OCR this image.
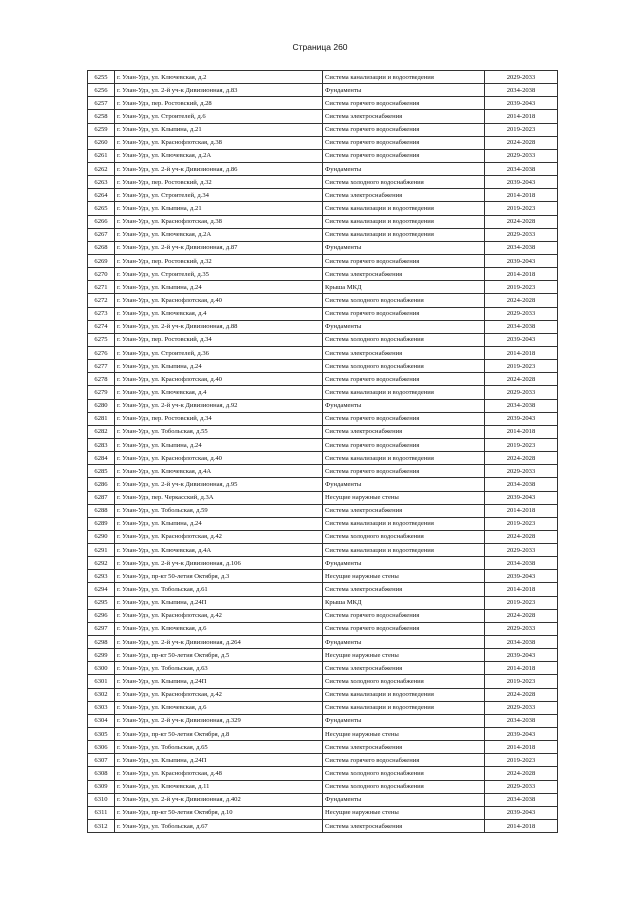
Страница 260
6255	г. Улан-Удэ, ул. Ключевская, д.2	Система канализации и водоотведения	2029-2033
6256	г. Улан-Удэ, ул. 2-й уч-к Дивизионная, д.83	Фундаменты	2034-2038
6257	г. Улан-Удэ, пер. Ростовский, д.28	Система горячего водоснабжения	2039-2043
6258	г. Улан-Удэ, ул. Строителей, д.6	Система электроснабжения	2014-2018
6259	г. Улан-Удэ, ул. Клыпина, д.21	Система горячего водоснабжения	2019-2023
6260	г. Улан-Удэ, ул. Краснофлотская, д.38	Система горячего водоснабжения	2024-2028
6261	г. Улан-Удэ, ул. Ключевская, д.2А	Система горячего водоснабжения	2029-2033
6262	г. Улан-Удэ, ул. 2-й уч-к Дивизионная, д.86	Фундаменты	2034-2038
6263	г. Улан-Удэ, пер. Ростовский, д.32	Система холодного водоснабжения	2039-2043
6264	г. Улан-Удэ, ул. Строителей, д.34	Система электроснабжения	2014-2018
6265	г. Улан-Удэ, ул. Клыпина, д.21	Система канализации и водоотведения	2019-2023
6266	г. Улан-Удэ, ул. Краснофлотская, д.38	Система канализации и водоотведения	2024-2028
6267	г. Улан-Удэ, ул. Ключевская, д.2А	Система канализации и водоотведения	2029-2033
6268	г. Улан-Удэ, ул. 2-й уч-к Дивизионная, д.87	Фундаменты	2034-2038
6269	г. Улан-Удэ, пер. Ростовский, д.32	Система горячего водоснабжения	2039-2043
6270	г. Улан-Удэ, ул. Строителей, д.35	Система электроснабжения	2014-2018
6271	г. Улан-Удэ, ул. Клыпина, д.24	Крыша МКД	2019-2023
6272	г. Улан-Удэ, ул. Краснофлотская, д.40	Система холодного водоснабжения	2024-2028
6273	г. Улан-Удэ, ул. Ключевская, д.4	Система горячего водоснабжения	2029-2033
6274	г. Улан-Удэ, ул. 2-й уч-к Дивизионная, д.88	Фундаменты	2034-2038
6275	г. Улан-Удэ, пер. Ростовский, д.34	Система холодного водоснабжения	2039-2043
6276	г. Улан-Удэ, ул. Строителей, д.36	Система электроснабжения	2014-2018
6277	г. Улан-Удэ, ул. Клыпина, д.24	Система холодного водоснабжения	2019-2023
6278	г. Улан-Удэ, ул. Краснофлотская, д.40	Система горячего водоснабжения	2024-2028
6279	г. Улан-Удэ, ул. Ключевская, д.4	Система канализации и водоотведения	2029-2033
6280	г. Улан-Удэ, ул. 2-й уч-к Дивизионная, д.92	Фундаменты	2034-2038
6281	г. Улан-Удэ, пер. Ростовский, д.34	Система горячего водоснабжения	2039-2043
6282	г. Улан-Удэ, ул. Тобольская, д.55	Система электроснабжения	2014-2018
6283	г. Улан-Удэ, ул. Клыпина, д.24	Система горячего водоснабжения	2019-2023
6284	г. Улан-Удэ, ул. Краснофлотская, д.40	Система канализации и водоотведения	2024-2028
6285	г. Улан-Удэ, ул. Ключевская, д.4А	Система горячего водоснабжения	2029-2033
6286	г. Улан-Удэ, ул. 2-й уч-к Дивизионная, д.95	Фундаменты	2034-2038
6287	г. Улан-Удэ, пер. Черкасский, д.3А	Несущие наружные стены	2039-2043
6288	г. Улан-Удэ, ул. Тобольская, д.59	Система электроснабжения	2014-2018
6289	г. Улан-Удэ, ул. Клыпина, д.24	Система канализации и водоотведения	2019-2023
6290	г. Улан-Удэ, ул. Краснофлотская, д.42	Система холодного водоснабжения	2024-2028
6291	г. Улан-Удэ, ул. Ключевская, д.4А	Система канализации и водоотведения	2029-2033
6292	г. Улан-Удэ, ул. 2-й уч-к Дивизионная, д.106	Фундаменты	2034-2038
6293	г. Улан-Удэ, пр-кт 50-летия Октября, д.3	Несущие наружные стены	2039-2043
6294	г. Улан-Удэ, ул. Тобольская, д.61	Система электроснабжения	2014-2018
6295	г. Улан-Удэ, ул. Клыпина, д.24П	Крыша МКД	2019-2023
6296	г. Улан-Удэ, ул. Краснофлотская, д.42	Система горячего водоснабжения	2024-2028
6297	г. Улан-Удэ, ул. Ключевская, д.6	Система горячего водоснабжения	2029-2033
6298	г. Улан-Удэ, ул. 2-й уч-к Дивизионная, д.264	Фундаменты	2034-2038
6299	г. Улан-Удэ, пр-кт 50-летия Октября, д.5	Несущие наружные стены	2039-2043
6300	г. Улан-Удэ, ул. Тобольская, д.63	Система электроснабжения	2014-2018
6301	г. Улан-Удэ, ул. Клыпина, д.24П	Система холодного водоснабжения	2019-2023
6302	г. Улан-Удэ, ул. Краснофлотская, д.42	Система канализации и водоотведения	2024-2028
6303	г. Улан-Удэ, ул. Ключевская, д.6	Система канализации и водоотведения	2029-2033
6304	г. Улан-Удэ, ул. 2-й уч-к Дивизионная, д.329	Фундаменты	2034-2038
6305	г. Улан-Удэ, пр-кт 50-летия Октября, д.8	Несущие наружные стены	2039-2043
6306	г. Улан-Удэ, ул. Тобольская, д.65	Система электроснабжения	2014-2018
6307	г. Улан-Удэ, ул. Клыпина, д.24П	Система горячего водоснабжения	2019-2023
6308	г. Улан-Удэ, ул. Краснофлотская, д.48	Система холодного водоснабжения	2024-2028
6309	г. Улан-Удэ, ул. Ключевская, д.11	Система холодного водоснабжения	2029-2033
6310	г. Улан-Удэ, ул. 2-й уч-к Дивизионная, д.402	Фундаменты	2034-2038
6311	г. Улан-Удэ, пр-кт 50-летия Октября, д.10	Несущие наружные стены	2039-2043
6312	г. Улан-Удэ, ул. Тобольская, д.67	Система электроснабжения	2014-2018
